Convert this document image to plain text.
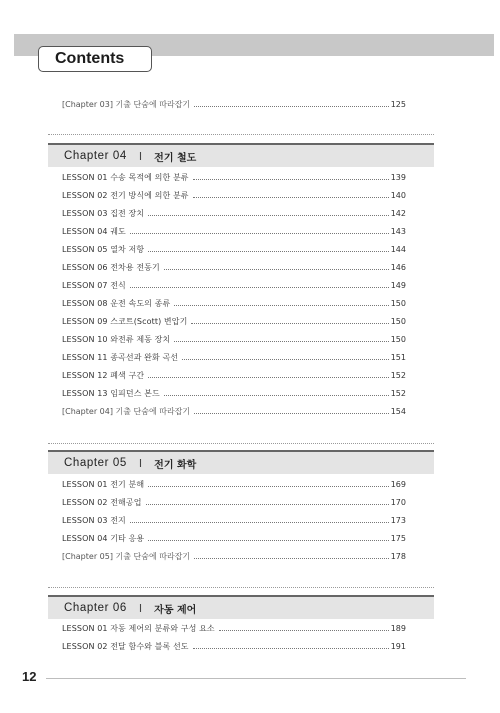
Contents
[Chapter 03] 기출 단숨에 따라잡기	125
Chapter 04 I 전기 철도
LESSON 01 수송 목적에 의한 분류	139
LESSON 02 전기 방식에 의한 분류	140
LESSON 03 집전 장치	142
LESSON 04 궤도	143
LESSON 05 열차 저항	144
LESSON 06 전차용 전동기	146
LESSON 07 전식	149
LESSON 08 운전 속도의 종류	150
LESSON 09 스코트(Scott) 변압기	150
LESSON 10 와전류 제동 장치	150
LESSON 11 종곡선과 완화 곡선	151
LESSON 12 폐색 구간	152
LESSON 13 임피던스 본드	152
[Chapter 04] 기출 단숨에 따라잡기	154
Chapter 05 I 전기 화학
LESSON 01 전기 분해	169
LESSON 02 전해공업	170
LESSON 03 전지	173
LESSON 04 기타 응용	175
[Chapter 05] 기출 단숨에 따라잡기	178
Chapter 06 I 자동 제어
LESSON 01 자동 제어의 분류와 구성 요소	189
LESSON 02 전달 함수와 블록 선도	191
12
